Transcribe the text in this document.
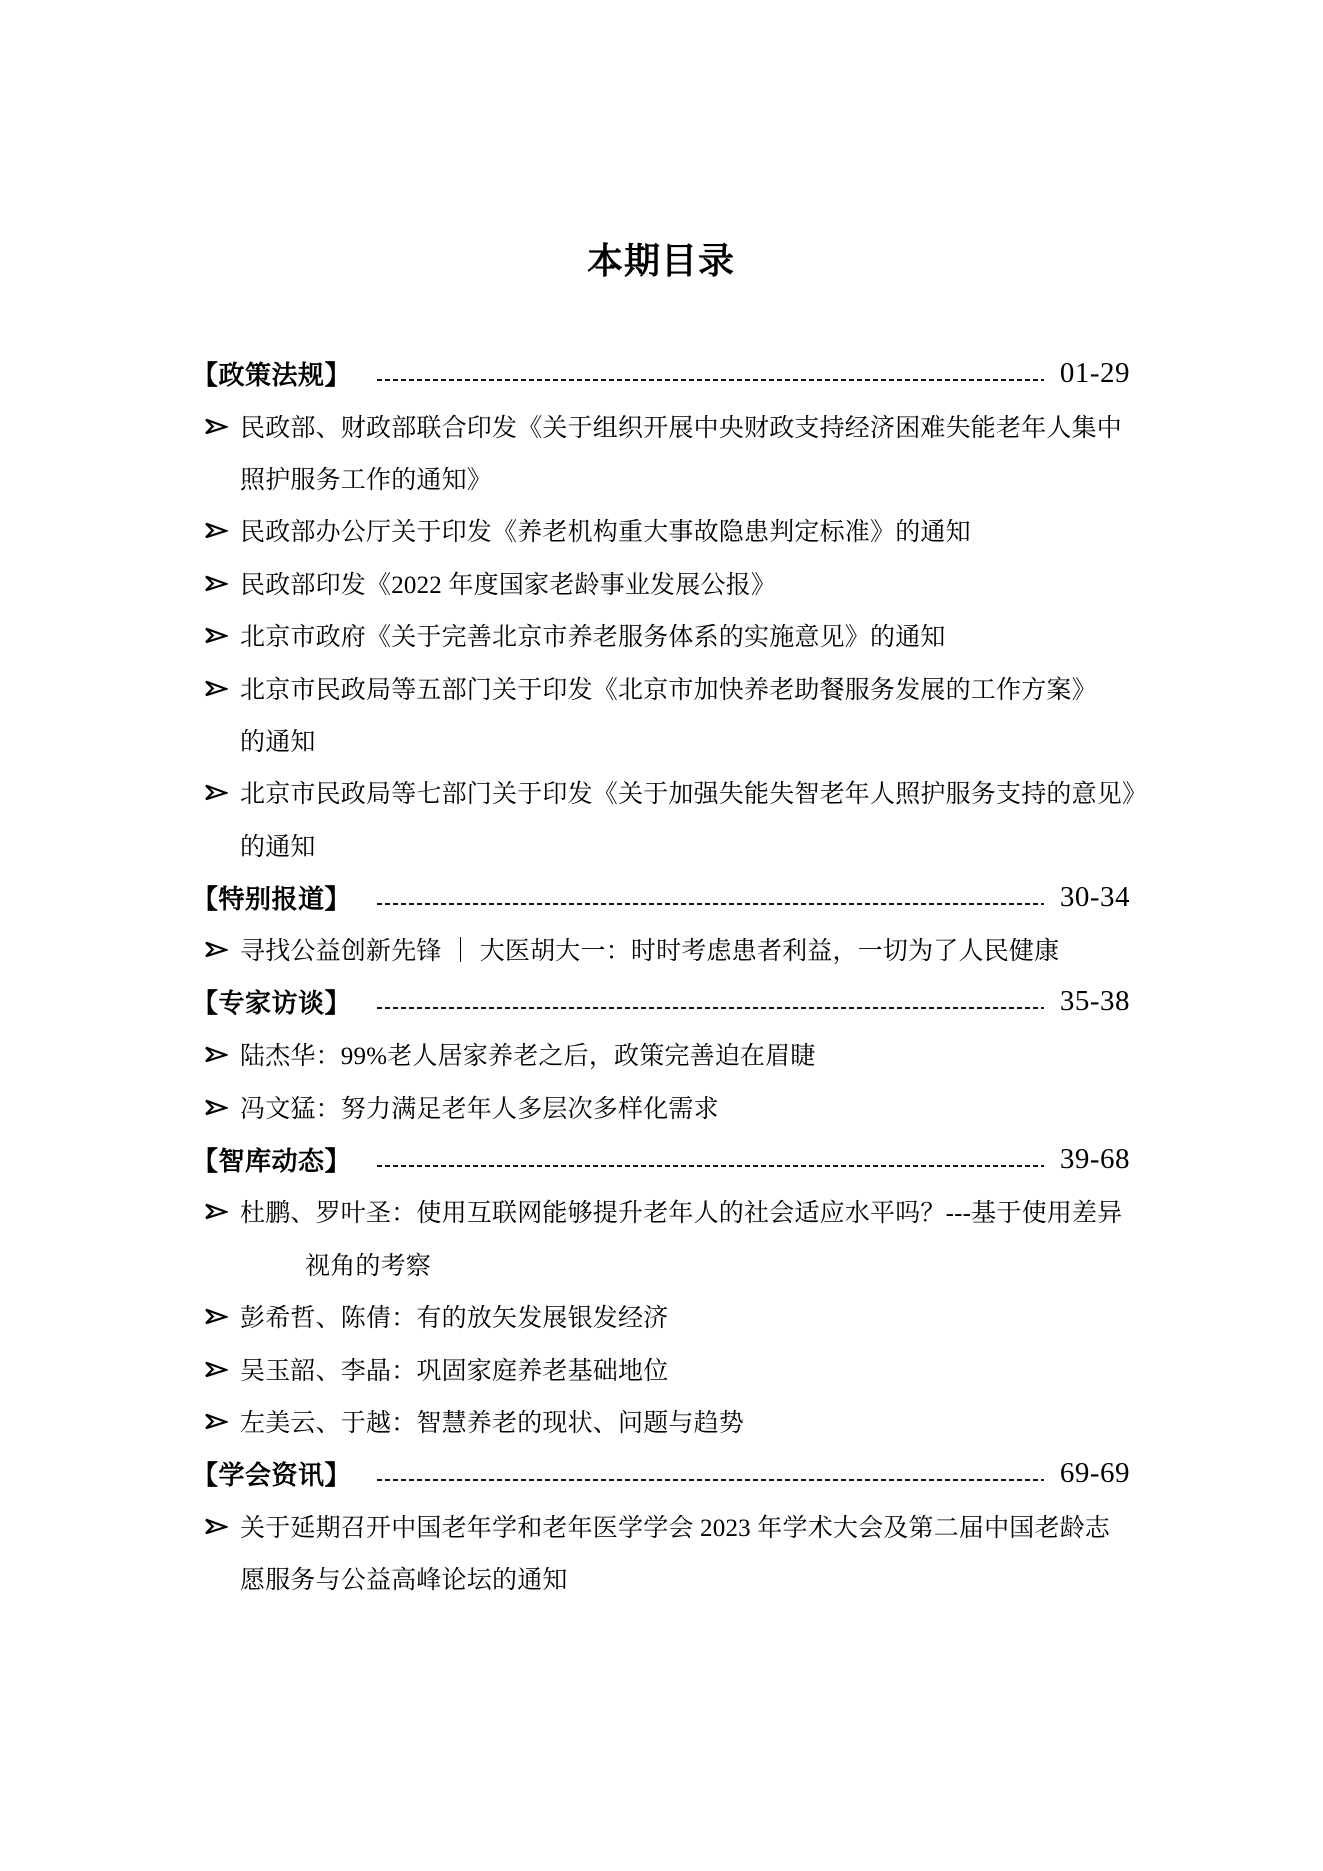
本期目录
【政策法规】	01-29
民政部、财政部联合印发《关于组织开展中央财政支持经济困难失能老年人集中
照护服务工作的通知》
民政部办公厅关于印发《养老机构重大事故隐患判定标准》的通知
民政部印发《2022 年度国家老龄事业发展公报》
北京市政府《关于完善北京市养老服务体系的实施意见》的通知
北京市民政局等五部门关于印发《北京市加快养老助餐服务发展的工作方案》
的通知
北京市民政局等七部门关于印发《关于加强失能失智老年人照护服务支持的意见》
的通知
【特别报道】	30-34
寻找公益创新先锋 ｜ 大医胡大一：时时考虑患者利益，一切为了人民健康
【专家访谈】	35-38
陆杰华：99%老人居家养老之后，政策完善迫在眉睫
冯文猛：努力满足老年人多层次多样化需求
【智库动态】	39-68
杜鹏、罗叶圣：使用互联网能够提升老年人的社会适应水平吗？---基于使用差异
视角的考察
彭希哲、陈倩：有的放矢发展银发经济
吴玉韶、李晶：巩固家庭养老基础地位
左美云、于越：智慧养老的现状、问题与趋势
【学会资讯】	69-69
关于延期召开中国老年学和老年医学学会 2023 年学术大会及第二届中国老龄志
愿服务与公益高峰论坛的通知
